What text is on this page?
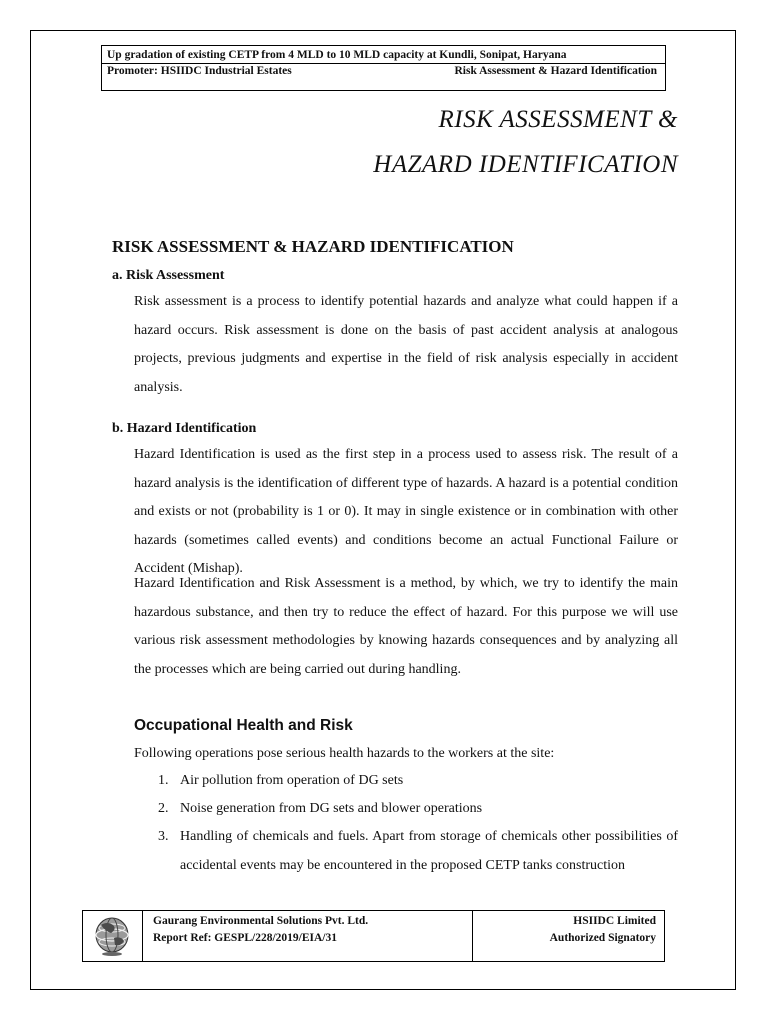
Up gradation of existing CETP from 4 MLD to 10 MLD capacity at Kundli, Sonipat, Haryana
Promoter: HSIIDC Industrial Estates	Risk Assessment & Hazard Identification
RISK ASSESSMENT &
HAZARD IDENTIFICATION
RISK ASSESSMENT & HAZARD IDENTIFICATION
a. Risk Assessment
Risk assessment is a process to identify potential hazards and analyze what could happen if a hazard occurs. Risk assessment is done on the basis of past accident analysis at analogous projects, previous judgments and expertise in the field of risk analysis especially in accident analysis.
b. Hazard Identification
Hazard Identification is used as the first step in a process used to assess risk. The result of a hazard analysis is the identification of different type of hazards. A hazard is a potential condition and exists or not (probability is 1 or 0). It may in single existence or in combination with other hazards (sometimes called events) and conditions become an actual Functional Failure or Accident (Mishap).
Hazard Identification and Risk Assessment is a method, by which, we try to identify the main hazardous substance, and then try to reduce the effect of hazard. For this purpose we will use various risk assessment methodologies by knowing hazards consequences and by analyzing all the processes which are being carried out during handling.
Occupational Health and Risk
Following operations pose serious health hazards to the workers at the site:
1. Air pollution from operation of DG sets
2. Noise generation from DG sets and blower operations
3. Handling of chemicals and fuels. Apart from storage of chemicals other possibilities of accidental events may be encountered in the proposed CETP tanks construction
Gaurang Environmental Solutions Pvt. Ltd.
Report Ref: GESPL/228/2019/EIA/31
HSIIDC Limited
Authorized Signatory
